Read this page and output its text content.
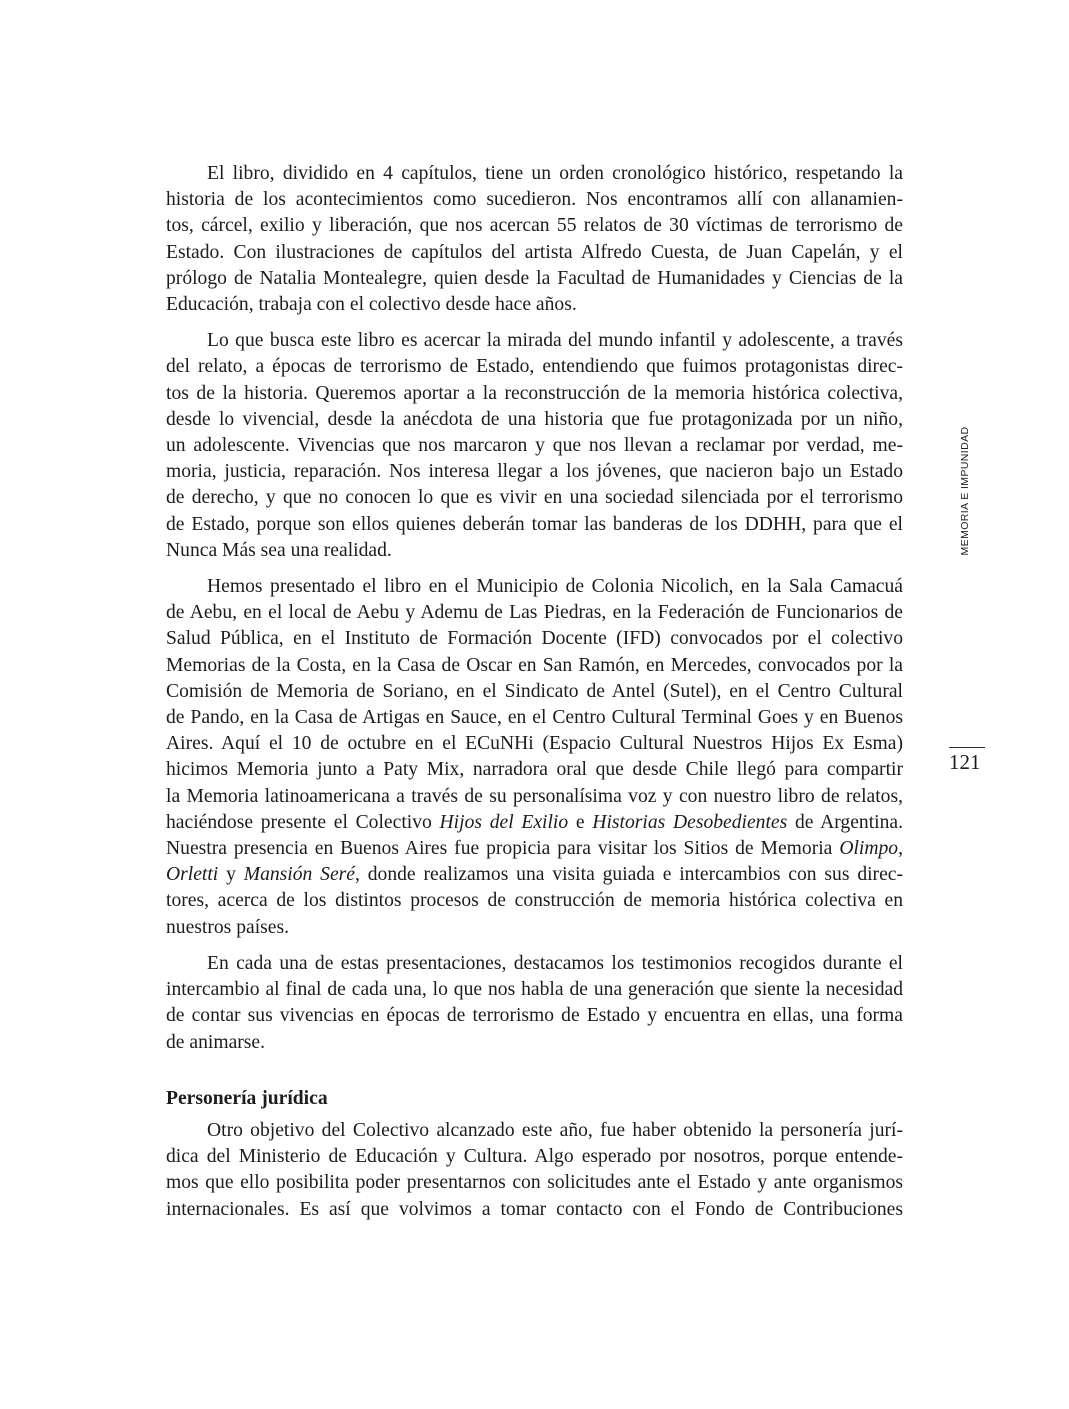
El libro, dividido en 4 capítulos, tiene un orden cronológico histórico, respetando la
historia de los acontecimientos como sucedieron. Nos encontramos allí con allanamien-
tos, cárcel, exilio y liberación, que nos acercan 55 relatos de 30 víctimas de terrorismo de
Estado. Con ilustraciones de capítulos del artista Alfredo Cuesta, de Juan Capelán, y el
prólogo de Natalia Montealegre, quien desde la Facultad de Humanidades y Ciencias de la
Educación, trabaja con el colectivo desde hace años.

Lo que busca este libro es acercar la mirada del mundo infantil y adolescente, a través
del relato, a épocas de terrorismo de Estado, entendiendo que fuimos protagonistas direc-
tos de la historia. Queremos aportar a la reconstrucción de la memoria histórica colectiva,
desde lo vivencial, desde la anécdota de una historia que fue protagonizada por un niño,
un adolescente. Vivencias que nos marcaron y que nos llevan a reclamar por verdad, me-
moria, justicia, reparación. Nos interesa llegar a los jóvenes, que nacieron bajo un Estado
de derecho, y que no conocen lo que es vivir en una sociedad silenciada por el terrorismo
de Estado, porque son ellos quienes deberán tomar las banderas de los DDHH, para que el
Nunca Más sea una realidad.

Hemos presentado el libro en el Municipio de Colonia Nicolich, en la Sala Camacuá
de Aebu, en el local de Aebu y Ademu de Las Piedras, en la Federación de Funcionarios de
Salud Pública, en el Instituto de Formación Docente (IFD) convocados por el colectivo
Memorias de la Costa, en la Casa de Oscar en San Ramón, en Mercedes, convocados por la
Comisión de Memoria de Soriano, en el Sindicato de Antel (Sutel), en el Centro Cultural
de Pando, en la Casa de Artigas en Sauce, en el Centro Cultural Terminal Goes y en Buenos
Aires. Aquí el 10 de octubre en el ECuNHi (Espacio Cultural Nuestros Hijos Ex Esma)
hicimos Memoria junto a Paty Mix, narradora oral que desde Chile llegó para compartir
la Memoria latinoamericana a través de su personalísima voz y con nuestro libro de relatos,
haciéndose presente el Colectivo Hijos del Exilio e Historias Desobedientes de Argentina.
Nuestra presencia en Buenos Aires fue propicia para visitar los Sitios de Memoria Olimpo,
Orletti y Mansión Seré, donde realizamos una visita guiada e intercambios con sus direc-
tores, acerca de los distintos procesos de construcción de memoria histórica colectiva en
nuestros países.

En cada una de estas presentaciones, destacamos los testimonios recogidos durante el
intercambio al final de cada una, lo que nos habla de una generación que siente la necesidad
de contar sus vivencias en épocas de terrorismo de Estado y encuentra en ellas, una forma
de animarse.

Personería jurídica

Otro objetivo del Colectivo alcanzado este año, fue haber obtenido la personería jurí-
dica del Ministerio de Educación y Cultura. Algo esperado por nosotros, porque entende-
mos que ello posibilita poder presentarnos con solicitudes ante el Estado y ante organismos
internacionales. Es así que volvimos a tomar contacto con el Fondo de Contribuciones

MEMORIA E IMPUNIDAD
121
